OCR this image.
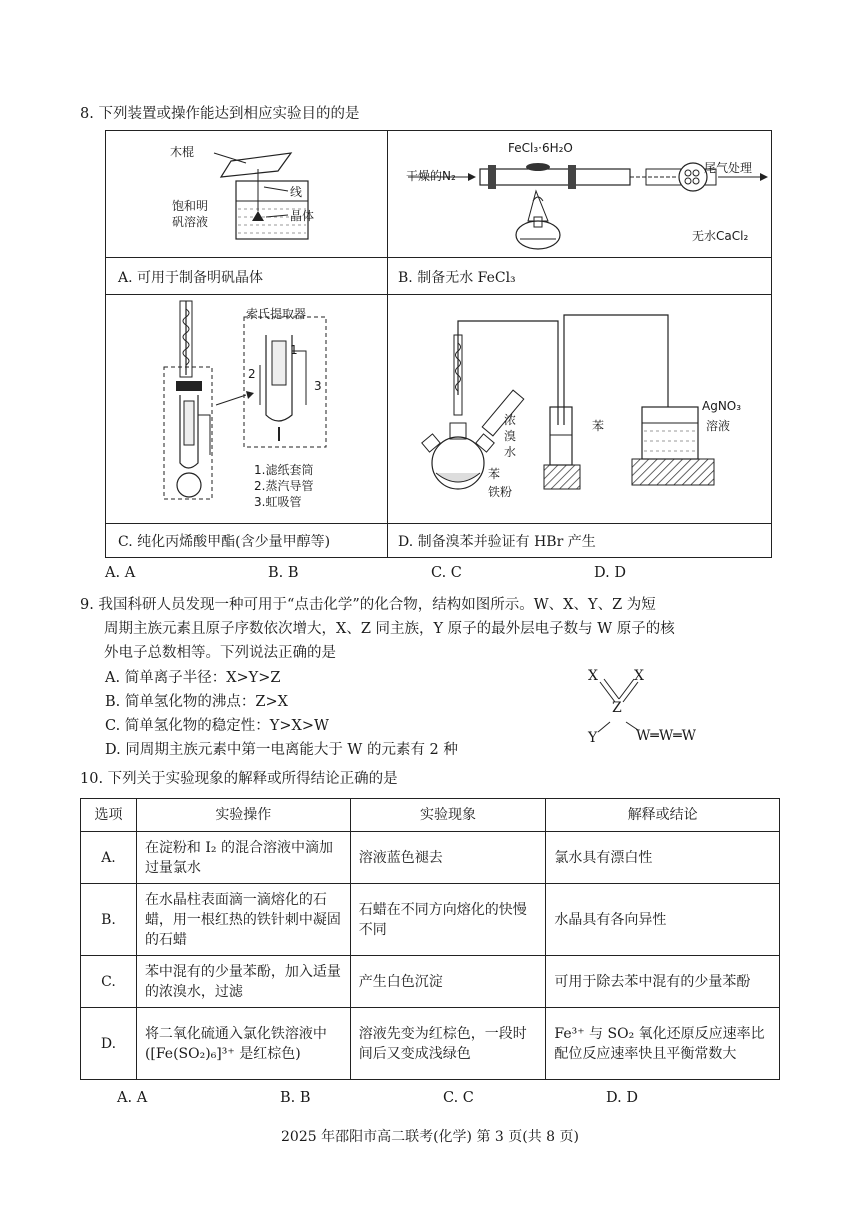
8. 下列装置或操作能达到相应实验目的的是
木棍
线
饱和明
矾溶液	晶体
A. 可用于制备明矾晶体
FeCl₃·6H₂O
干燥的N₂
尾气处理
无水CaCl₂
B. 制备无水 FeCl₃
索氏提取器
1
2
3
1.滤纸套筒
2.蒸汽导管
3.虹吸管
C. 纯化丙烯酸甲酯(含少量甲醇等)
浓
溴
水
苯
AgNO₃
溶液
苯
铁粉
D. 制备溴苯并验证有 HBr 产生
A. A	B. B	C. C	D. D
9. 我国科研人员发现一种可用于“点击化学”的化合物，结构如图所示。W、X、Y、Z 为短
周期主族元素且原子序数依次增大，X、Z 同主族，Y 原子的最外层电子数与 W 原子的核
外电子总数相等。下列说法正确的是
A. 简单离子半径：X>Y>Z
B. 简单氢化物的沸点：Z>X
C. 简单氢化物的稳定性：Y>X>W
D. 同周期主族元素中第一电离能大于 W 的元素有 2 种
X	X
Z
Y	W═W═W
10. 下列关于实验现象的解释或所得结论正确的是
选项	实验操作	实验现象	解释或结论
A.	在淀粉和 I₂ 的混合溶液中滴加过量氯水	溶液蓝色褪去	氯水具有漂白性
B.	在水晶柱表面滴一滴熔化的石蜡，用一根红热的铁针刺中凝固的石蜡	石蜡在不同方向熔化的快慢不同	水晶具有各向异性
C.	苯中混有的少量苯酚，加入适量的浓溴水，过滤	产生白色沉淀	可用于除去苯中混有的少量苯酚
D.	将二氧化硫通入氯化铁溶液中([Fe(SO₂)₆]³⁺ 是红棕色)	溶液先变为红棕色，一段时间后又变成浅绿色	Fe³⁺ 与 SO₂ 氧化还原反应速率比配位反应速率快且平衡常数大
A. A	B. B	C. C	D. D
2025 年邵阳市高二联考(化学) 第 3 页(共 8 页)
